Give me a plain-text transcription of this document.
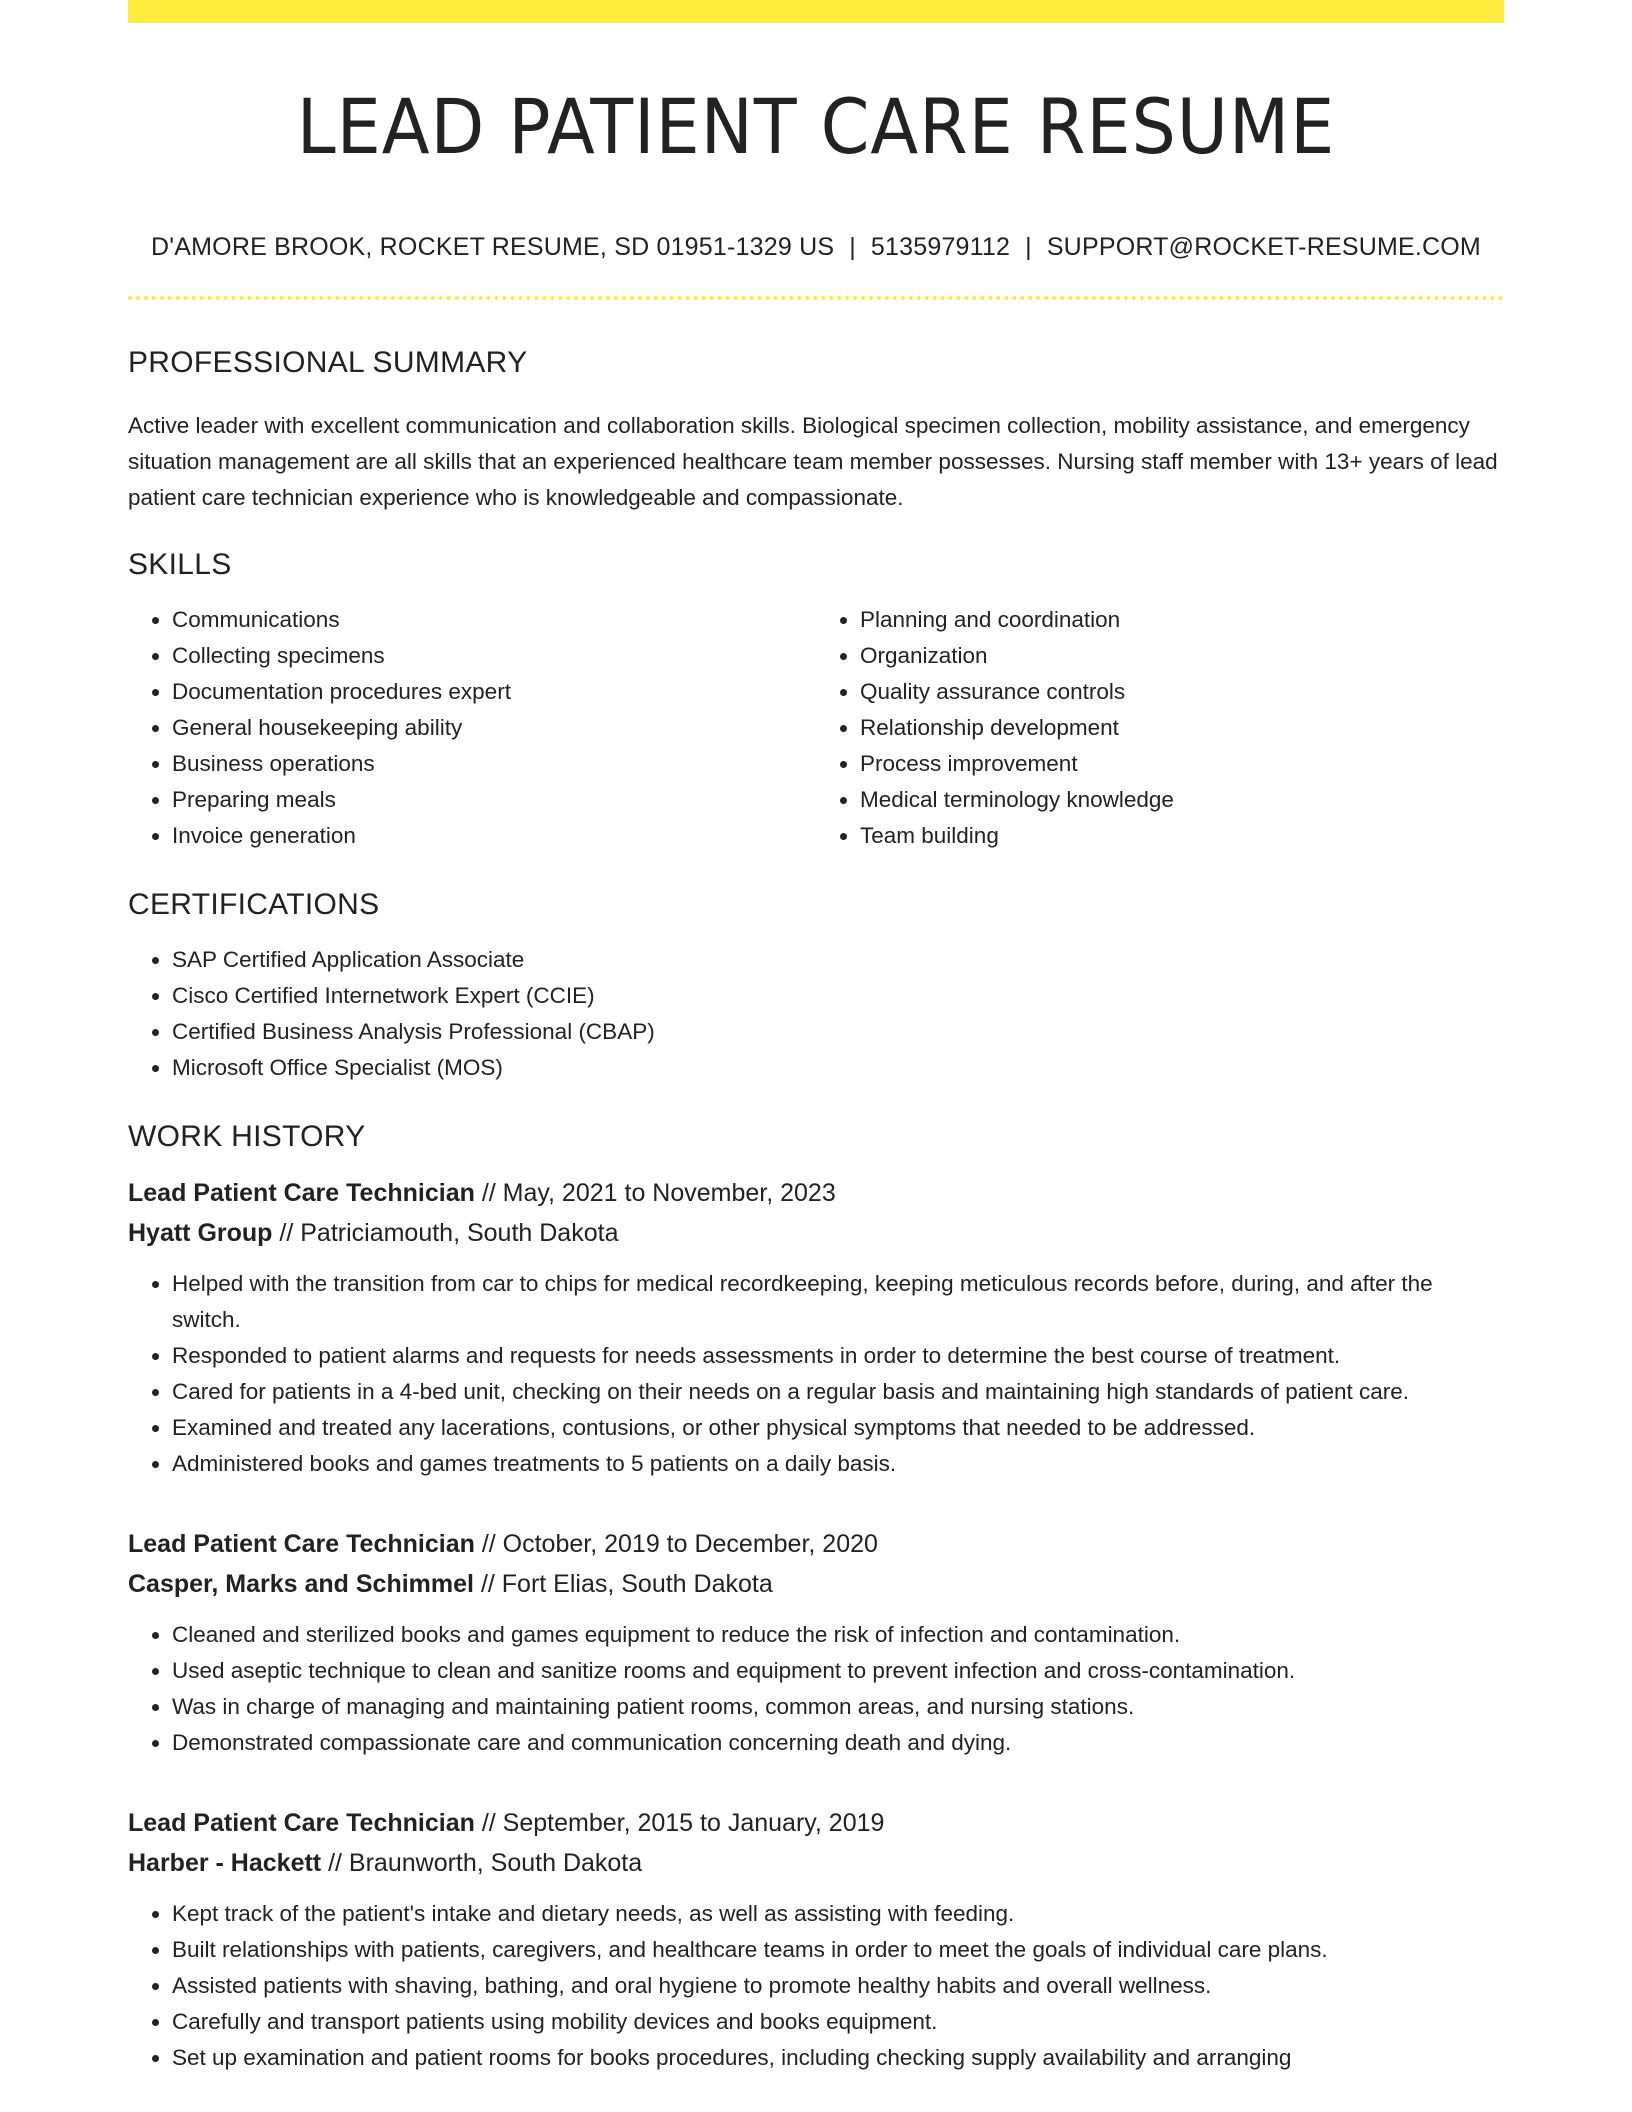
LEAD PATIENT CARE RESUME
D'AMORE BROOK, ROCKET RESUME, SD 01951-1329 US | 5135979112 | SUPPORT@ROCKET-RESUME.COM
PROFESSIONAL SUMMARY

Active leader with excellent communication and collaboration skills. Biological specimen collection, mobility assistance, and emergency situation management are all skills that an experienced healthcare team member possesses. Nursing staff member with 13+ years of lead patient care technician experience who is knowledgeable and compassionate.

SKILLS
• Communications
• Collecting specimens
• Documentation procedures expert
• General housekeeping ability
• Business operations
• Preparing meals
• Invoice generation
• Planning and coordination
• Organization
• Quality assurance controls
• Relationship development
• Process improvement
• Medical terminology knowledge
• Team building
CERTIFICATIONS
• SAP Certified Application Associate
• Cisco Certified Internetwork Expert (CCIE)
• Certified Business Analysis Professional (CBAP)
• Microsoft Office Specialist (MOS)
WORK HISTORY
Lead Patient Care Technician // May, 2021 to November, 2023
Hyatt Group // Patriciamouth, South Dakota
• Helped with the transition from car to chips for medical recordkeeping, keeping meticulous records before, during, and after the switch.
• Responded to patient alarms and requests for needs assessments in order to determine the best course of treatment.
• Cared for patients in a 4-bed unit, checking on their needs on a regular basis and maintaining high standards of patient care.
• Examined and treated any lacerations, contusions, or other physical symptoms that needed to be addressed.
• Administered books and games treatments to 5 patients on a daily basis.
Lead Patient Care Technician // October, 2019 to December, 2020
Casper, Marks and Schimmel // Fort Elias, South Dakota
• Cleaned and sterilized books and games equipment to reduce the risk of infection and contamination.
• Used aseptic technique to clean and sanitize rooms and equipment to prevent infection and cross-contamination.
• Was in charge of managing and maintaining patient rooms, common areas, and nursing stations.
• Demonstrated compassionate care and communication concerning death and dying.
Lead Patient Care Technician // September, 2015 to January, 2019
Harber - Hackett // Braunworth, South Dakota
• Kept track of the patient's intake and dietary needs, as well as assisting with feeding.
• Built relationships with patients, caregivers, and healthcare teams in order to meet the goals of individual care plans.
• Assisted patients with shaving, bathing, and oral hygiene to promote healthy habits and overall wellness.
• Carefully and transport patients using mobility devices and books equipment.
• Set up examination and patient rooms for books procedures, including checking supply availability and arranging
